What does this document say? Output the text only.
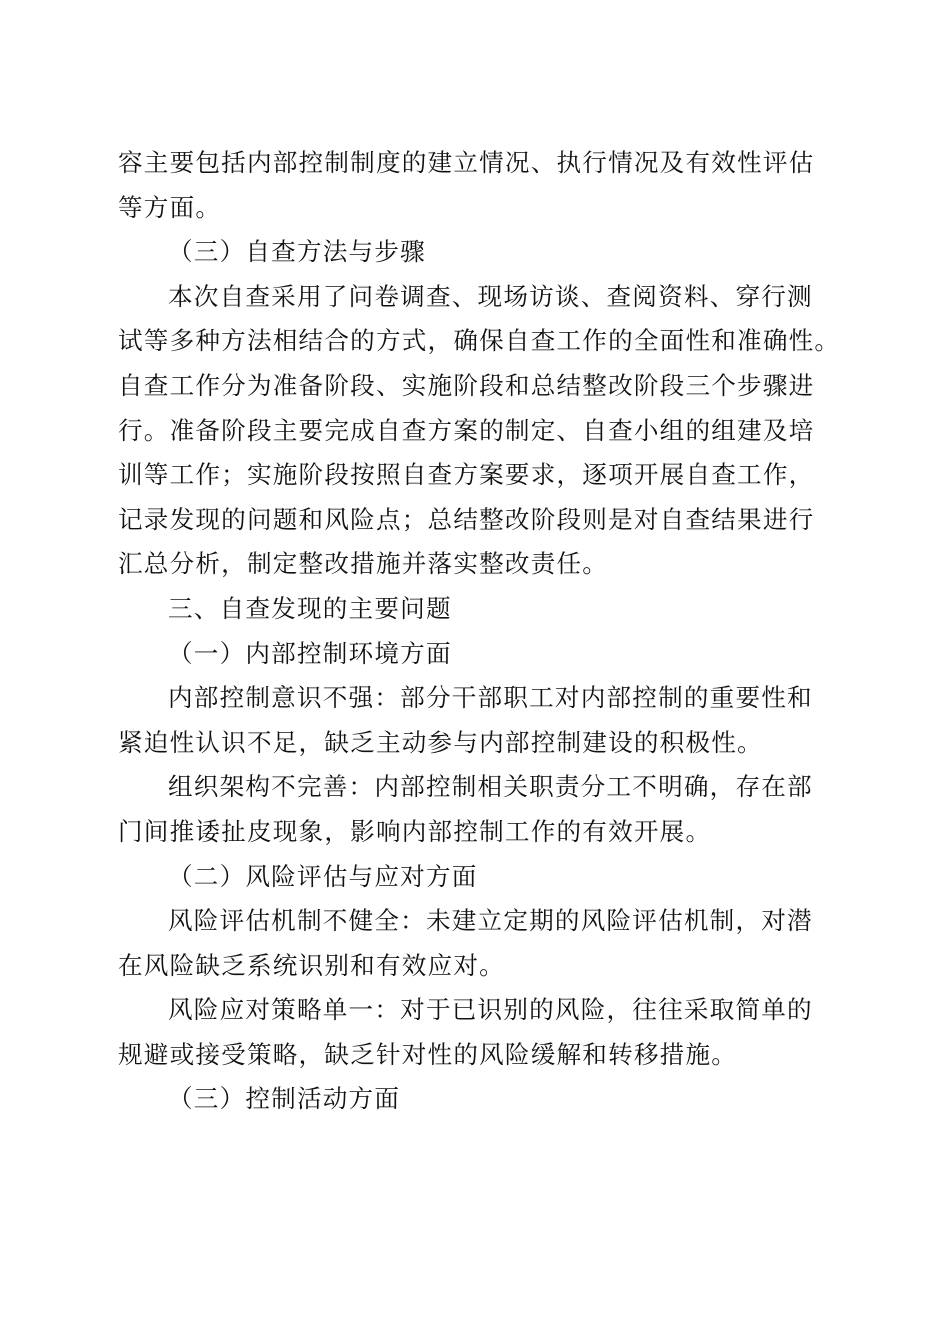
容主要包括内部控制制度的建立情况、执行情况及有效性评估
等方面。
（三）自查方法与步骤
本次自查采用了问卷调查、现场访谈、查阅资料、穿行测
试等多种方法相结合的方式，确保自查工作的全面性和准确性。
自查工作分为准备阶段、实施阶段和总结整改阶段三个步骤进
行。准备阶段主要完成自查方案的制定、自查小组的组建及培
训等工作；实施阶段按照自查方案要求，逐项开展自查工作，
记录发现的问题和风险点；总结整改阶段则是对自查结果进行
汇总分析，制定整改措施并落实整改责任。
三、自查发现的主要问题
（一）内部控制环境方面
内部控制意识不强：部分干部职工对内部控制的重要性和
紧迫性认识不足，缺乏主动参与内部控制建设的积极性。
组织架构不完善：内部控制相关职责分工不明确，存在部
门间推诿扯皮现象，影响内部控制工作的有效开展。
（二）风险评估与应对方面
风险评估机制不健全：未建立定期的风险评估机制，对潜
在风险缺乏系统识别和有效应对。
风险应对策略单一：对于已识别的风险，往往采取简单的
规避或接受策略，缺乏针对性的风险缓解和转移措施。
（三）控制活动方面
